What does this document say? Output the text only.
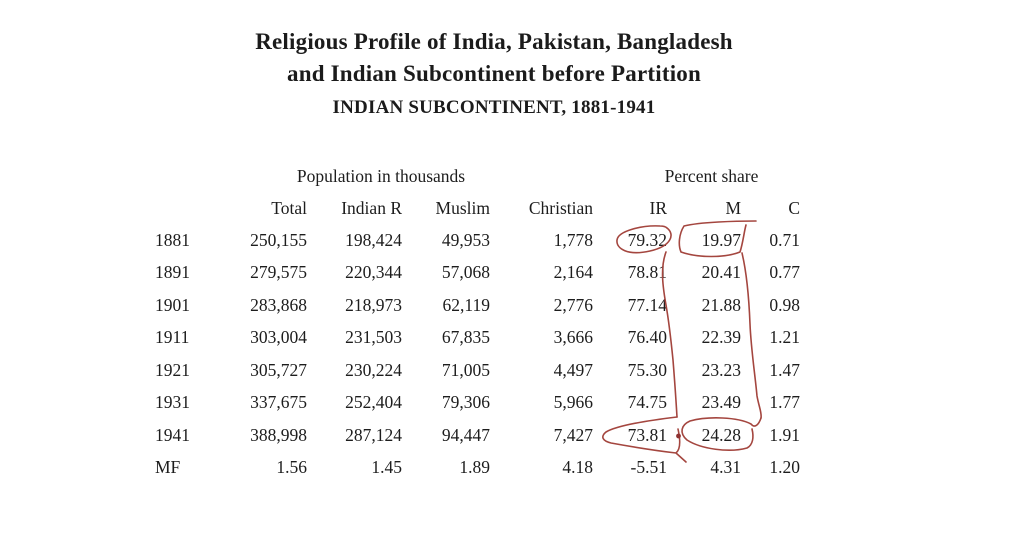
Religious Profile of India, Pakistan, Bangladesh
and Indian Subcontinent before Partition
INDIAN SUBCONTINENT, 1881-1941
	Population in thousands				Percent share		
	Total	Indian R	Muslim	Christian	IR	M	C
1881	250,155	198,424	49,953	1,778	79.32	19.97	0.71
1891	279,575	220,344	57,068	2,164	78.81	20.41	0.77
1901	283,868	218,973	62,119	2,776	77.14	21.88	0.98
1911	303,004	231,503	67,835	3,666	76.40	22.39	1.21
1921	305,727	230,224	71,005	4,497	75.30	23.23	1.47
1931	337,675	252,404	79,306	5,966	74.75	23.49	1.77
1941	388,998	287,124	94,447	7,427	73.81	24.28	1.91
MF	1.56	1.45	1.89	4.18	-5.51	4.31	1.20
